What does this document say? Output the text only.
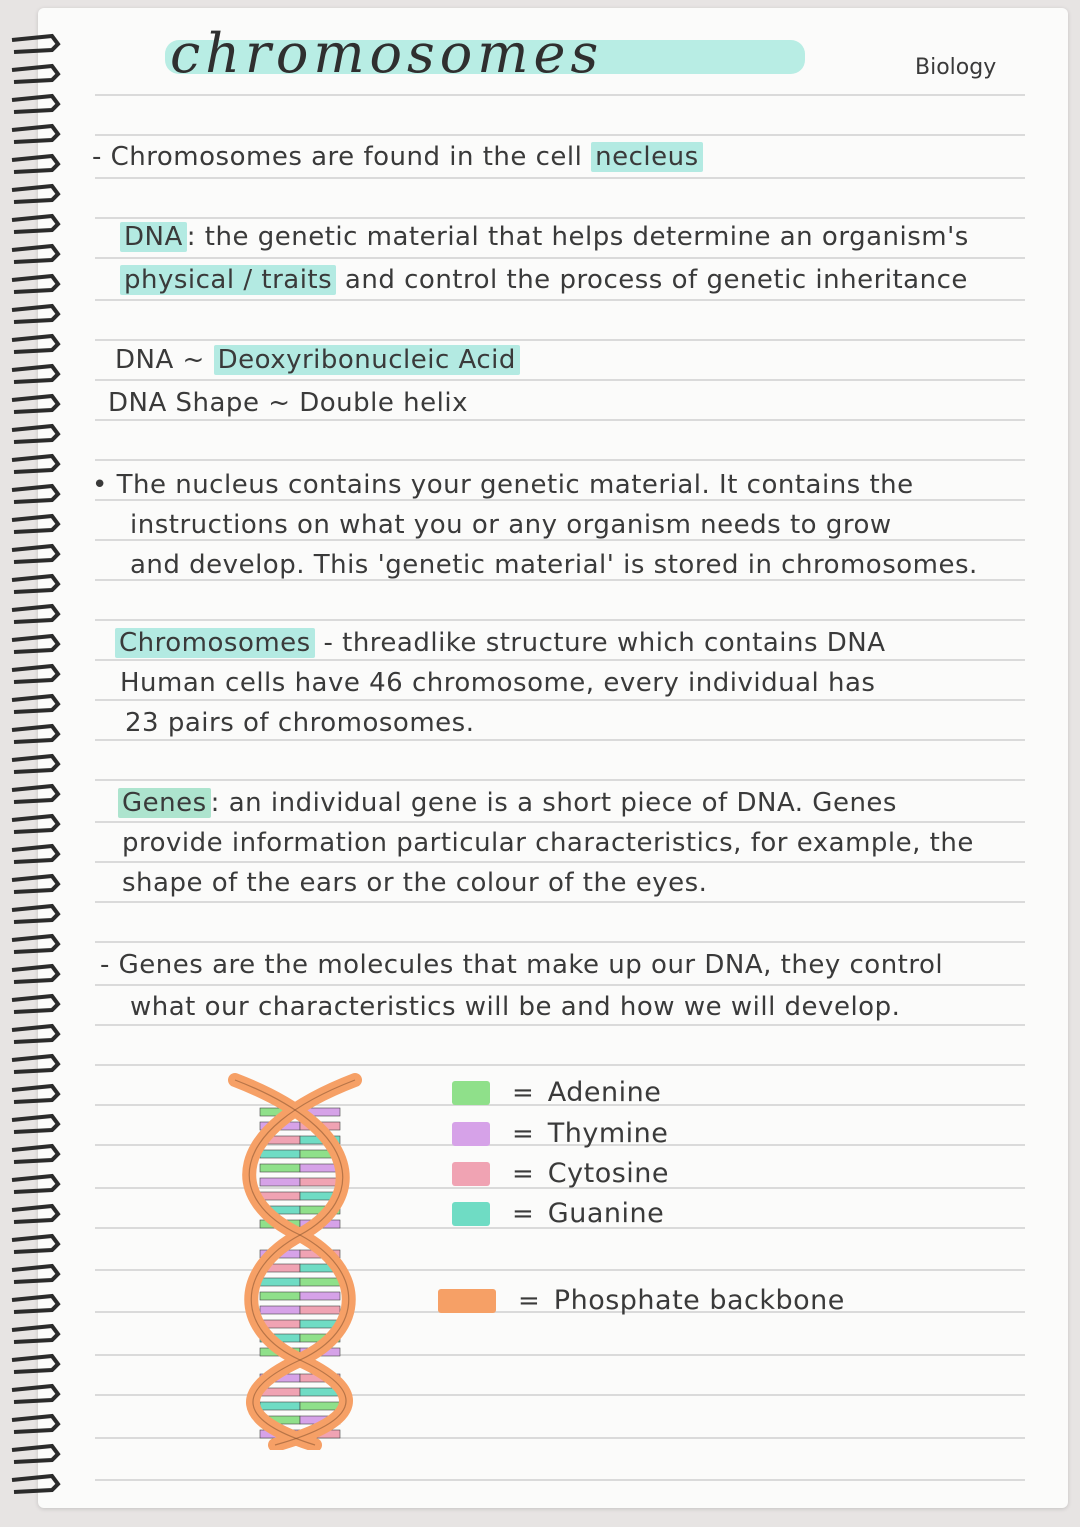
chromosomes	Biology
- Chromosomes are found in the cell necleus
DNA : the genetic material that helps determine an organism's
physical / traits and control the process of genetic inheritance
DNA ~ Deoxyribonucleic Acid
DNA Shape ~ Double helix
• The nucleus contains your genetic material. It contains the
instructions on what you or any organism needs to grow
and develop. This 'genetic material' is stored in chromosomes.
Chromosomes - threadlike structure which contains DNA
Human cells have 46 chromosome, every individual has
23 pairs of chromosomes.
Genes : an individual gene is a short piece of DNA. Genes
provide information particular characteristics, for example, the
shape of the ears or the colour of the eyes.
- Genes are the molecules that make up our DNA, they control
what our characteristics will be and how we will develop.
= Adenine
= Thymine
= Cytosine
= Guanine
= Phosphate backbone
